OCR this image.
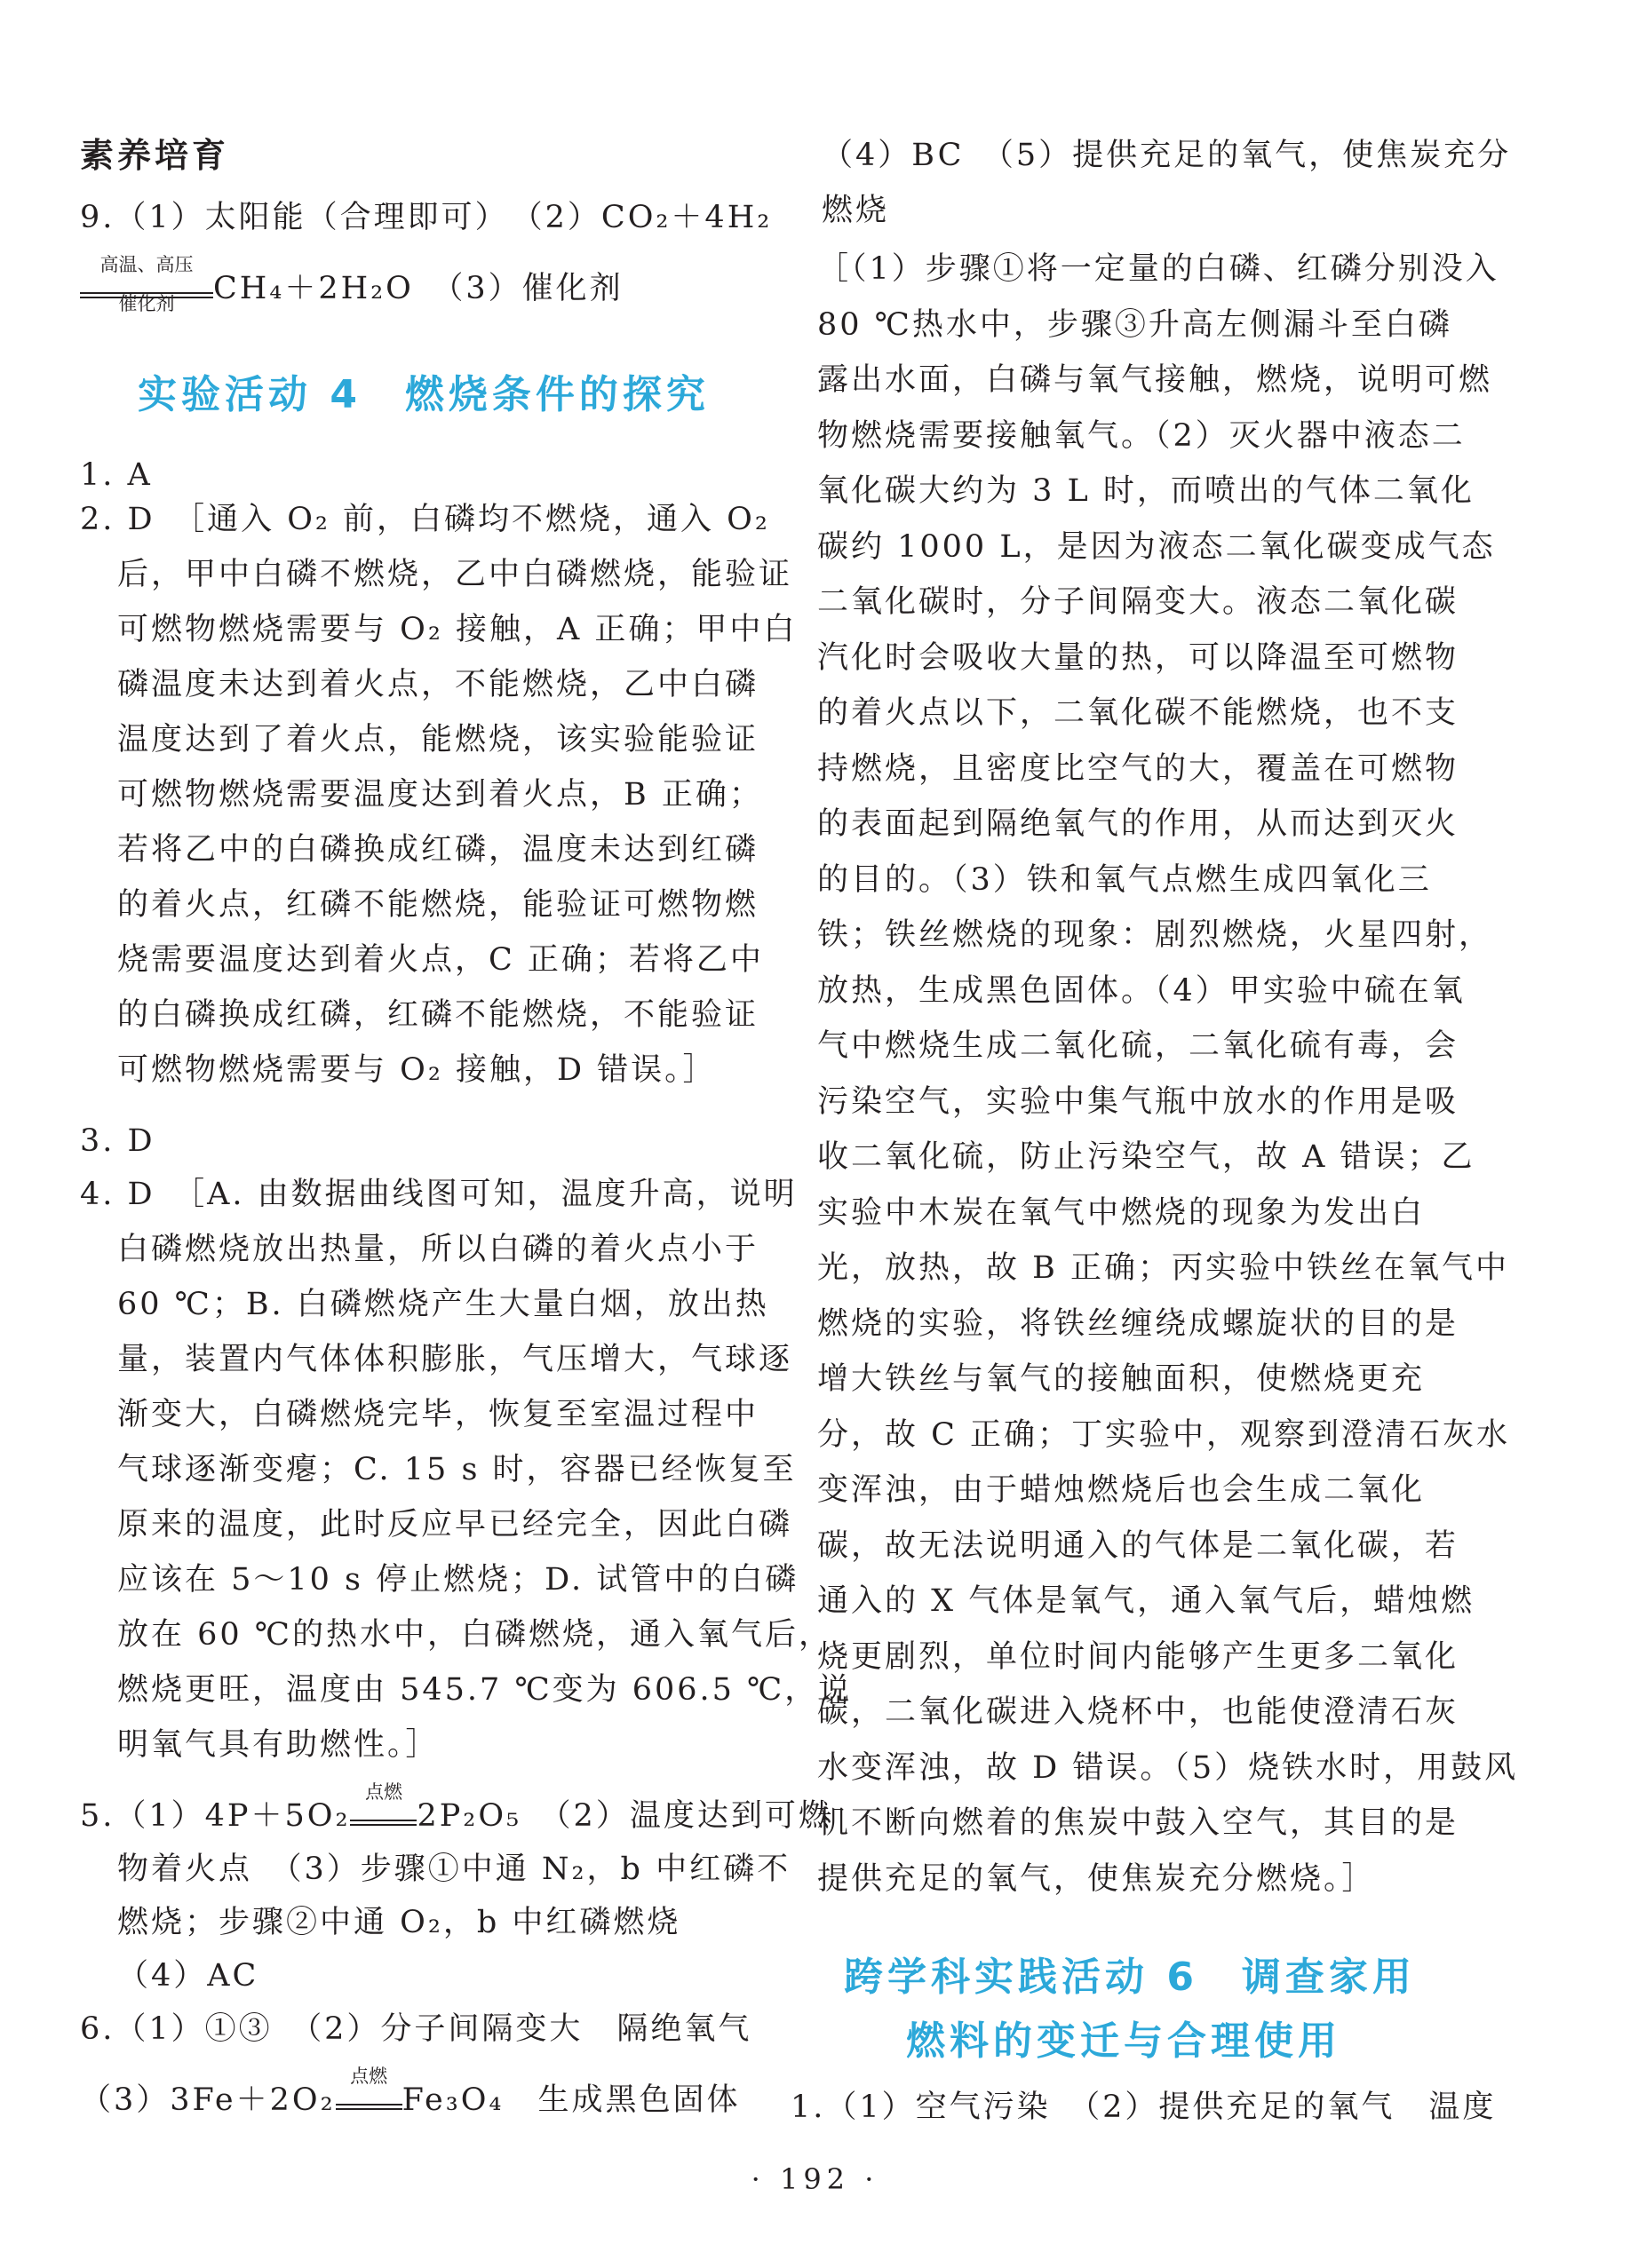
素养培育
9.（1）太阳能（合理即可）　（2）CO₂＋4H₂
高温、高压
催化剂	CH₄＋2H₂O　（3）催化剂
实验活动 4　燃烧条件的探究
1. A
2. D　［通入 O₂ 前，白磷均不燃烧，通入 O₂
后，甲中白磷不燃烧，乙中白磷燃烧，能验证
可燃物燃烧需要与 O₂ 接触，A 正确；甲中白
磷温度未达到着火点，不能燃烧，乙中白磷
温度达到了着火点，能燃烧，该实验能验证
可燃物燃烧需要温度达到着火点，B 正确；
若将乙中的白磷换成红磷，温度未达到红磷
的着火点，红磷不能燃烧，能验证可燃物燃
烧需要温度达到着火点，C 正确；若将乙中
的白磷换成红磷，红磷不能燃烧，不能验证
可燃物燃烧需要与 O₂ 接触，D 错误。］
3. D
4. D　［A. 由数据曲线图可知，温度升高，说明
白磷燃烧放出热量，所以白磷的着火点小于
60 ℃；B. 白磷燃烧产生大量白烟，放出热
量，装置内气体体积膨胀，气压增大，气球逐
渐变大，白磷燃烧完毕，恢复至室温过程中
气球逐渐变瘪；C. 15 s 时，容器已经恢复至
原来的温度，此时反应早已经完全，因此白磷
应该在 5～10 s 停止燃烧；D. 试管中的白磷
放在 60 ℃的热水中，白磷燃烧，通入氧气后，
燃烧更旺，温度由 545.7 ℃变为 606.5 ℃，说
明氧气具有助燃性。］
5.（1）4P＋5O₂
点燃
2P₂O₅　（2）温度达到可燃
物着火点　（3）步骤①中通 N₂，b 中红磷不
燃烧；步骤②中通 O₂，b 中红磷燃烧
（4）AC
6.（1）①③　（2）分子间隔变大　隔绝氧气
（3）3Fe＋2O₂
点燃
Fe₃O₄　生成黑色固体
（4）BC　（5）提供充足的氧气，使焦炭充分
燃烧
［（1）步骤①将一定量的白磷、红磷分别没入
80 ℃热水中，步骤③升高左侧漏斗至白磷
露出水面，白磷与氧气接触，燃烧，说明可燃
物燃烧需要接触氧气。（2）灭火器中液态二
氧化碳大约为 3 L 时，而喷出的气体二氧化
碳约 1000 L，是因为液态二氧化碳变成气态
二氧化碳时，分子间隔变大。液态二氧化碳
汽化时会吸收大量的热，可以降温至可燃物
的着火点以下，二氧化碳不能燃烧，也不支
持燃烧，且密度比空气的大，覆盖在可燃物
的表面起到隔绝氧气的作用，从而达到灭火
的目的。（3）铁和氧气点燃生成四氧化三
铁；铁丝燃烧的现象：剧烈燃烧，火星四射，
放热，生成黑色固体。（4）甲实验中硫在氧
气中燃烧生成二氧化硫，二氧化硫有毒，会
污染空气，实验中集气瓶中放水的作用是吸
收二氧化硫，防止污染空气，故 A 错误；乙
实验中木炭在氧气中燃烧的现象为发出白
光，放热，故 B 正确；丙实验中铁丝在氧气中
燃烧的实验，将铁丝缠绕成螺旋状的目的是
增大铁丝与氧气的接触面积，使燃烧更充
分，故 C 正确；丁实验中，观察到澄清石灰水
变浑浊，由于蜡烛燃烧后也会生成二氧化
碳，故无法说明通入的气体是二氧化碳，若
通入的 X 气体是氧气，通入氧气后，蜡烛燃
烧更剧烈，单位时间内能够产生更多二氧化
碳，二氧化碳进入烧杯中，也能使澄清石灰
水变浑浊，故 D 错误。（5）烧铁水时，用鼓风
机不断向燃着的焦炭中鼓入空气，其目的是
提供充足的氧气，使焦炭充分燃烧。］
跨学科实践活动 6　调查家用
燃料的变迁与合理使用
1.（1）空气污染　（2）提供充足的氧气　温度
· 192 ·
